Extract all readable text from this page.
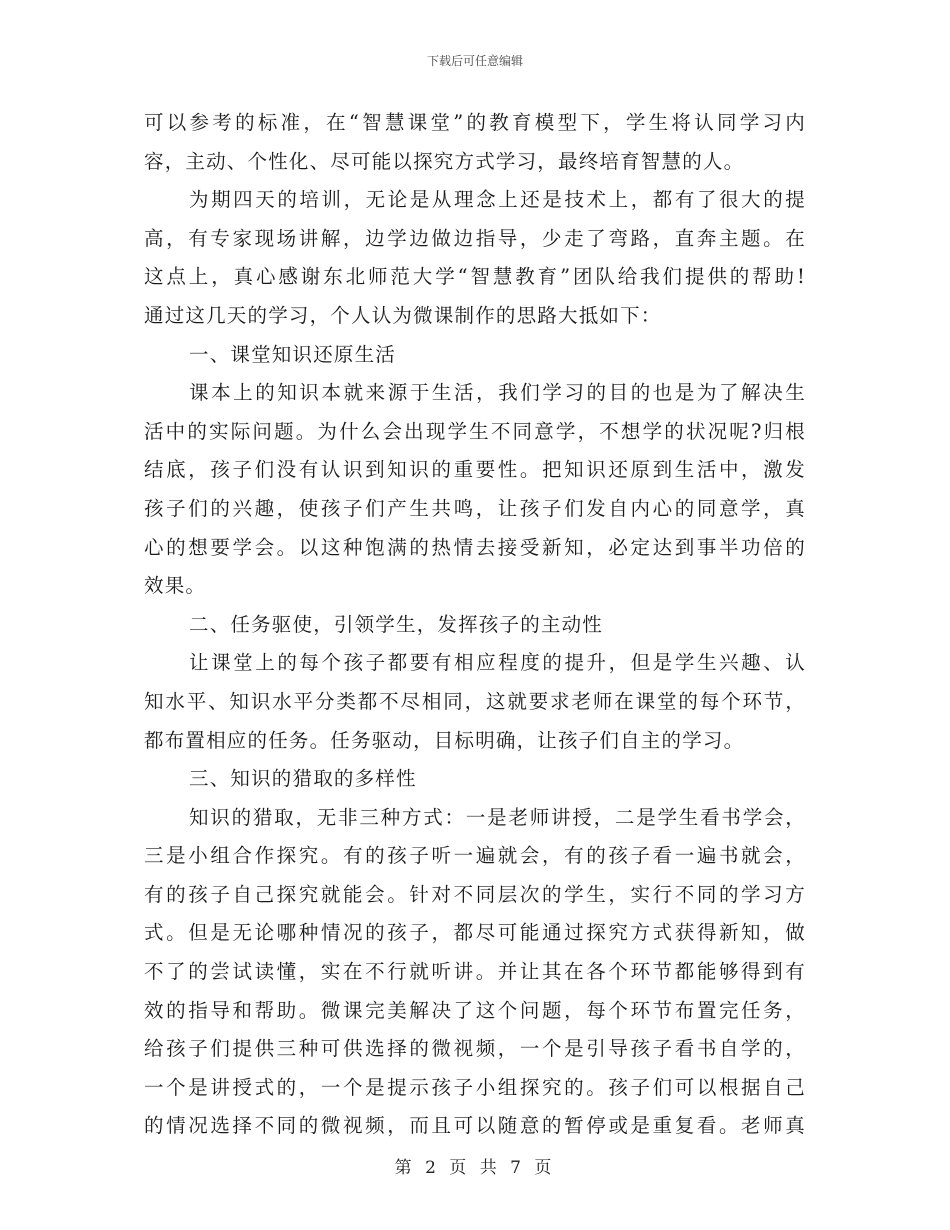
下载后可任意编辑
可以参考的标准，在“智慧课堂”的教育模型下，学生将认同学习内
容，主动、个性化、尽可能以探究方式学习，最终培育智慧的人。
为期四天的培训，无论是从理念上还是技术上，都有了很大的提
高，有专家现场讲解，边学边做边指导，少走了弯路，直奔主题。在
这点上，真心感谢东北师范大学“智慧教育”团队给我们提供的帮助!
通过这几天的学习，个人认为微课制作的思路大抵如下：
一、课堂知识还原生活
课本上的知识本就来源于生活，我们学习的目的也是为了解决生
活中的实际问题。为什么会出现学生不同意学，不想学的状况呢?归根
结底，孩子们没有认识到知识的重要性。把知识还原到生活中，激发
孩子们的兴趣，使孩子们产生共鸣，让孩子们发自内心的同意学，真
心的想要学会。以这种饱满的热情去接受新知，必定达到事半功倍的
效果。
二、任务驱使，引领学生，发挥孩子的主动性
让课堂上的每个孩子都要有相应程度的提升，但是学生兴趣、认
知水平、知识水平分类都不尽相同，这就要求老师在课堂的每个环节，
都布置相应的任务。任务驱动，目标明确，让孩子们自主的学习。
三、知识的猎取的多样性
知识的猎取，无非三种方式：一是老师讲授，二是学生看书学会，
三是小组合作探究。有的孩子听一遍就会，有的孩子看一遍书就会，
有的孩子自己探究就能会。针对不同层次的学生，实行不同的学习方
式。但是无论哪种情况的孩子，都尽可能通过探究方式获得新知，做
不了的尝试读懂，实在不行就听讲。并让其在各个环节都能够得到有
效的指导和帮助。微课完美解决了这个问题，每个环节布置完任务，
给孩子们提供三种可供选择的微视频，一个是引导孩子看书自学的，
一个是讲授式的，一个是提示孩子小组探究的。孩子们可以根据自己
的情况选择不同的微视频，而且可以随意的暂停或是重复看。老师真
第 2 页 共 7 页
